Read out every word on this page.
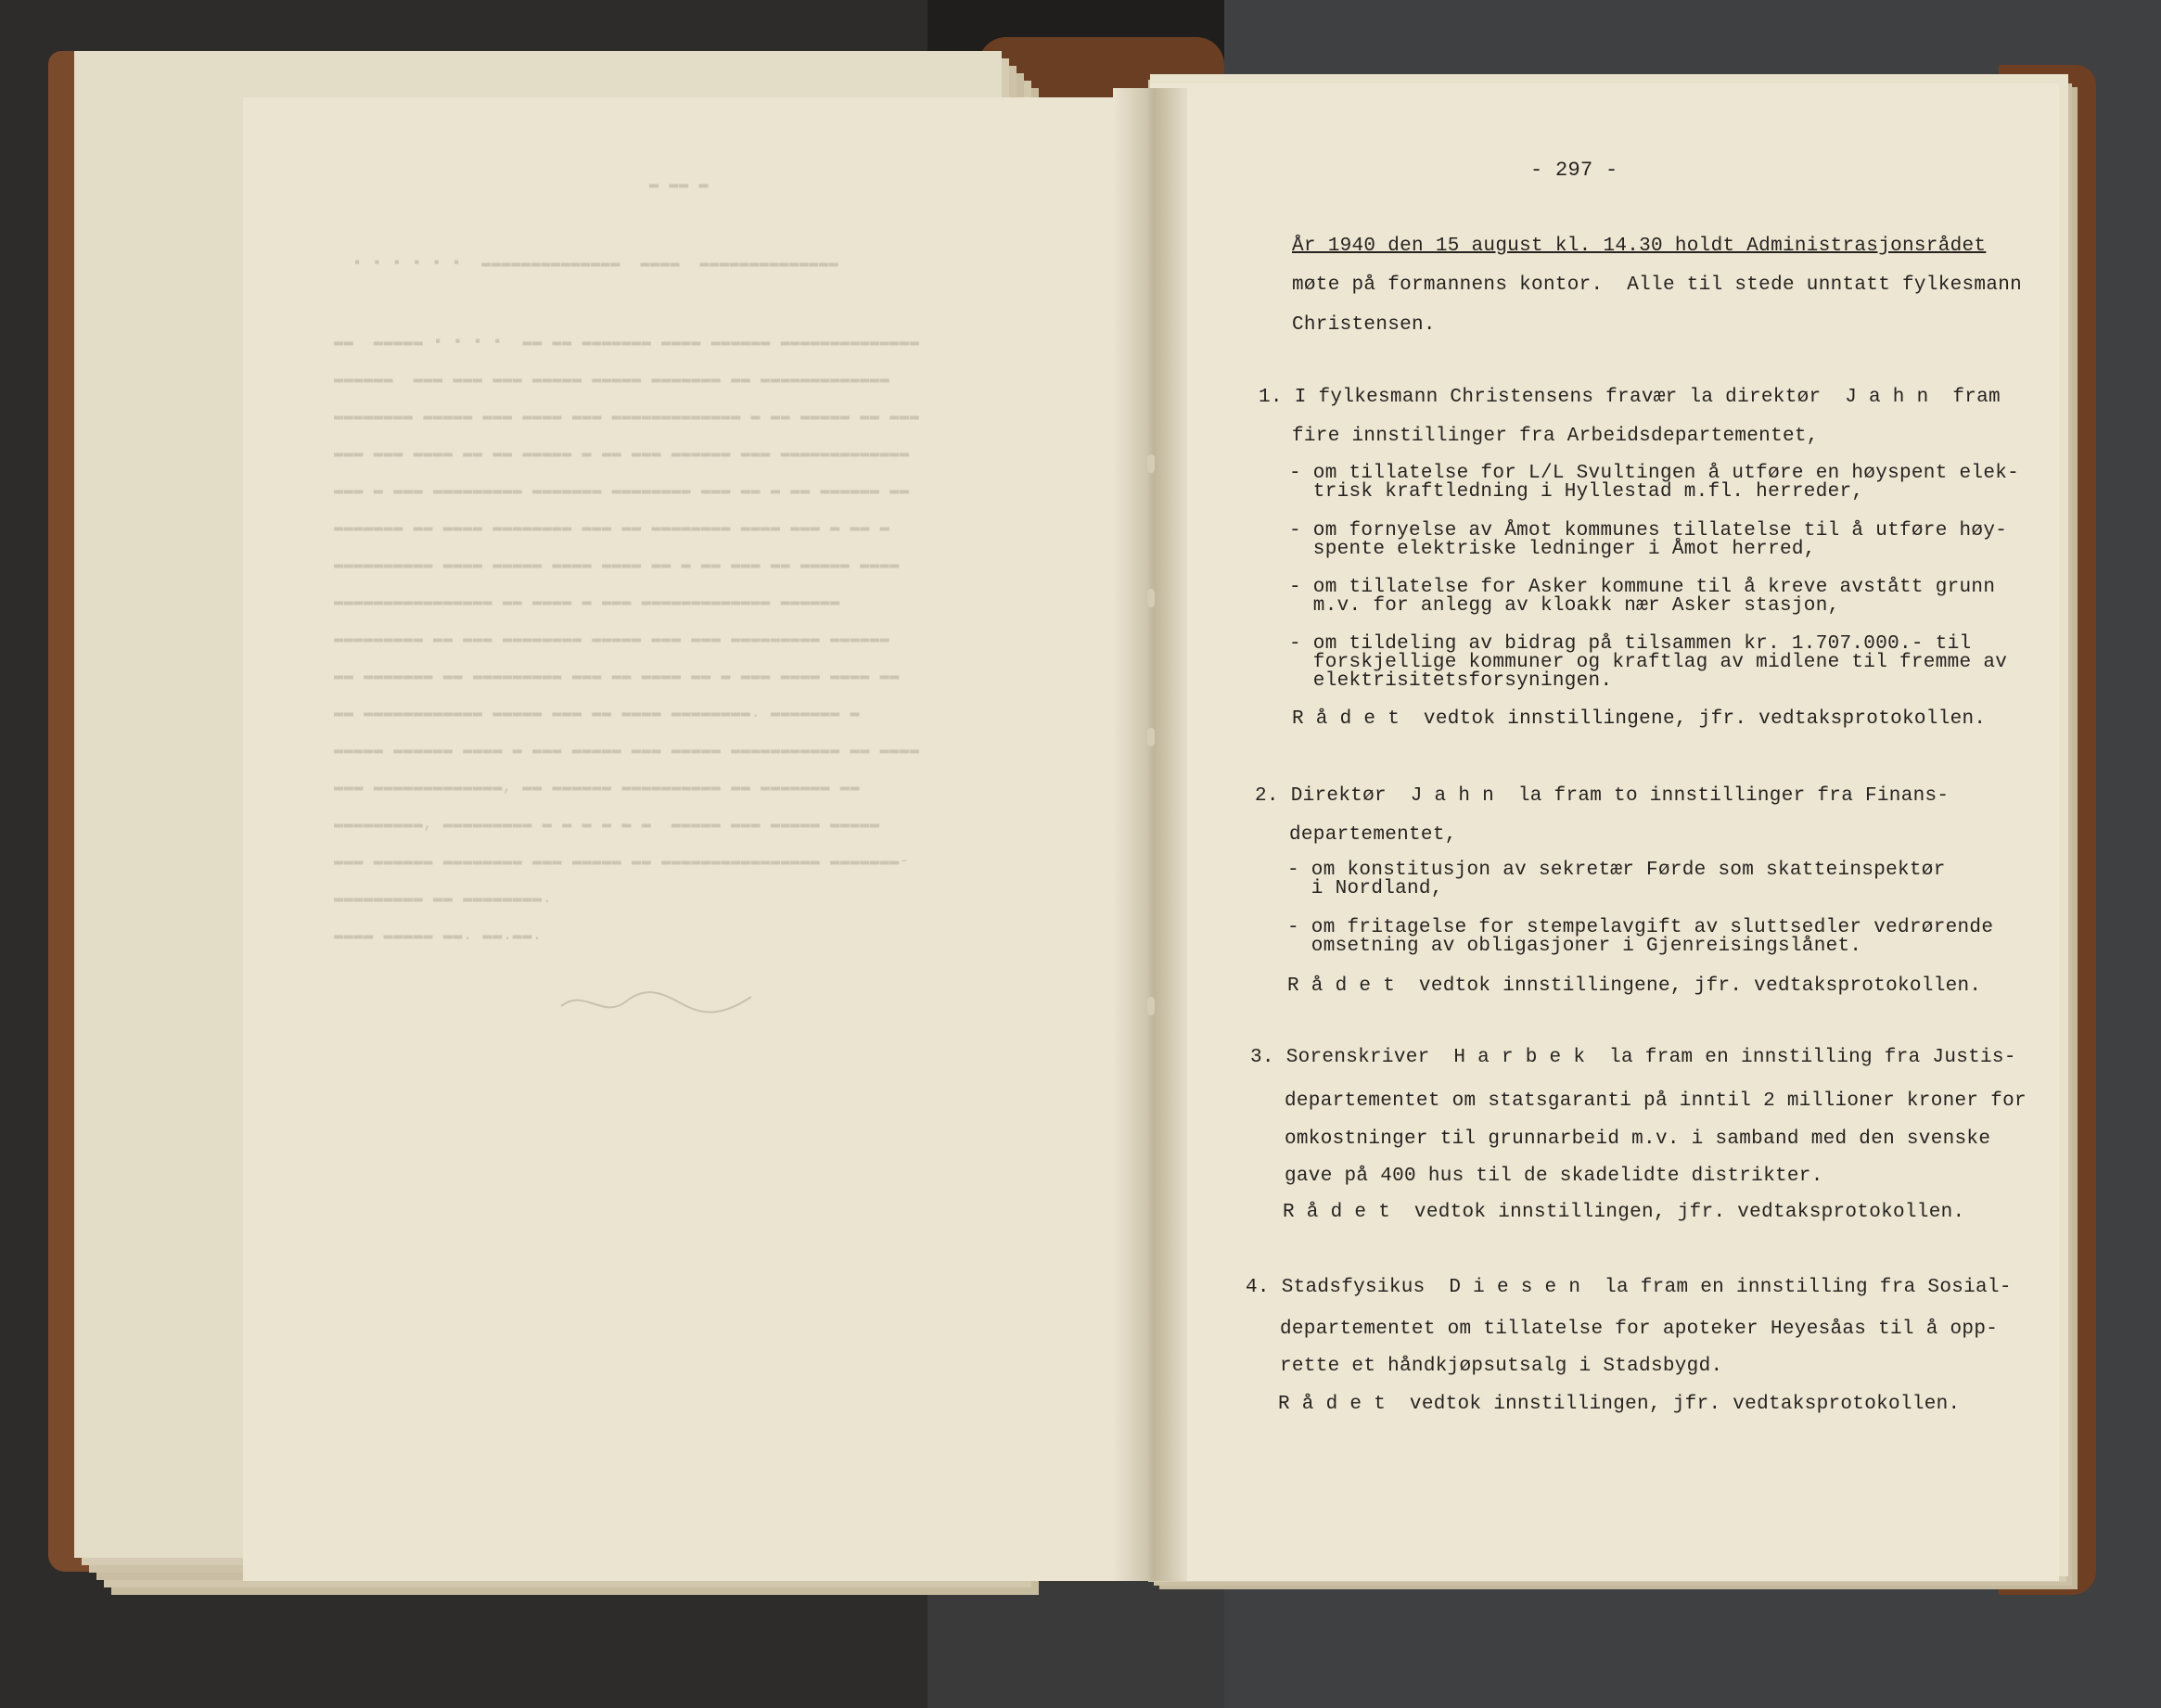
▬ ▬▬ ▬
▪ ▪ ▪ ▪ ▪ ▪  ▬▬▬▬▬▬▬▬▬▬▬▬▬▬  ▬▬▬▬  ▬▬▬▬▬▬▬▬▬▬▬▬▬▬
▬▬  ▬▬▬▬▬ ▪ ▪ ▪ ▪  ▬▬ ▬▬ ▬▬▬▬▬▬▬ ▬▬▬▬ ▬▬▬▬▬▬ ▬▬▬▬▬▬▬▬▬▬▬▬▬▬
▬▬▬▬▬▬  ▬▬▬ ▬▬▬ ▬▬▬ ▬▬▬▬▬ ▬▬▬▬▬ ▬▬▬▬▬▬▬ ▬▬ ▬▬▬▬▬▬▬▬▬▬▬▬▬
▬▬▬▬▬▬▬▬ ▬▬▬▬▬ ▬▬▬ ▬▬▬▬ ▬▬▬ ▬▬▬▬▬▬▬▬▬▬▬▬▬ ▬ ▬▬ ▬▬▬▬▬ ▬▬ ▬▬▬
▬▬▬ ▬▬▬ ▬▬▬▬ ▬▬ ▬▬ ▬▬▬▬▬ ▬ ▬▬ ▬▬▬ ▬▬▬▬▬▬ ▬▬▬ ▬▬▬▬▬▬▬▬▬▬▬▬▬
▬▬▬ ▬ ▬▬▬ ▬▬▬▬▬▬▬▬▬ ▬▬▬▬▬▬▬ ▬▬▬▬▬▬▬▬ ▬▬▬ ▬▬ ▬ ▬▬ ▬▬▬▬▬▬ ▬▬
▬▬▬▬▬▬▬ ▬▬ ▬▬▬▬ ▬▬▬▬▬▬▬▬ ▬▬▬ ▬▬ ▬▬▬▬▬▬▬▬ ▬▬▬▬ ▬▬▬ ▬ ▬▬ ▬
▬▬▬▬▬▬▬▬▬▬ ▬▬▬▬ ▬▬▬▬▬ ▬▬▬▬ ▬▬▬▬ ▬▬ ▬ ▬▬ ▬▬▬ ▬▬ ▬▬▬▬▬ ▬▬▬▬
▬▬▬▬▬▬▬▬▬▬▬▬▬▬▬▬ ▬▬ ▬▬▬▬ ▬ ▬▬▬ ▬▬▬▬▬▬▬▬▬▬▬▬▬ ▬▬▬▬▬▬
▬▬▬▬▬▬▬▬▬ ▬▬ ▬▬▬ ▬▬▬▬▬▬▬▬ ▬▬▬▬▬ ▬▬▬ ▬▬▬ ▬▬▬▬▬▬▬▬▬ ▬▬▬▬▬▬
▬▬ ▬▬▬▬▬▬▬ ▬▬ ▬▬▬▬▬▬▬▬▬ ▬▬▬ ▬▬ ▬▬▬▬ ▬▬ ▬ ▬▬▬ ▬▬▬▬ ▬▬▬▬ ▬▬
▬▬ ▬▬▬▬▬▬▬▬▬▬▬▬ ▬▬▬▬▬ ▬▬▬ ▬▬ ▬▬▬▬ ▬▬▬▬▬▬▬▬. ▬▬▬▬▬▬▬ ▬
▬▬▬▬▬ ▬▬▬▬▬▬ ▬▬▬▬ ▬ ▬▬▬ ▬▬▬▬▬ ▬▬▬ ▬▬▬▬▬ ▬▬▬▬▬▬▬▬▬▬▬ ▬▬ ▬▬▬▬
▬▬▬ ▬▬▬▬▬▬▬▬▬▬▬▬▬, ▬▬ ▬▬▬▬▬▬ ▬▬▬▬▬▬▬▬▬▬ ▬▬ ▬▬▬▬▬▬▬ ▬▬
▬▬▬▬▬▬▬▬▬, ▬▬▬▬▬▬▬▬▬ ▬ ▬ ▬ ▬ ▬ ▬  ▬▬▬▬▬ ▬▬▬ ▬▬▬▬▬ ▬▬▬▬▬
▬▬▬ ▬▬▬▬▬▬ ▬▬▬▬▬▬▬▬ ▬▬▬ ▬▬▬▬▬ ▬▬ ▬▬▬▬▬▬▬▬▬▬▬▬▬▬▬▬ ▬▬▬▬▬▬▬-
▬▬▬▬▬▬▬▬▬ ▬▬ ▬▬▬▬▬▬▬▬.
▬▬▬▬ ▬▬▬▬▬ ▬▬. ▬▬.▬▬.
- 297 -
År 1940 den 15 august kl. 14.30 holdt Administrasjonsrådet
møte på formannens kontor.  Alle til stede unntatt fylkesmann
Christensen.
1. I fylkesmann Christensens fravær la direktør  J a h n  fram
fire innstillinger fra Arbeidsdepartementet,
- om tillatelse for L/L Svultingen å utføre en høyspent elek-
trisk kraftledning i Hyllestad m.fl. herreder,
- om fornyelse av Åmot kommunes tillatelse til å utføre høy-
spente elektriske ledninger i Åmot herred,
- om tillatelse for Asker kommune til å kreve avstått grunn
m.v. for anlegg av kloakk nær Asker stasjon,
- om tildeling av bidrag på tilsammen kr. 1.707.000.- til
forskjellige kommuner og kraftlag av midlene til fremme av
elektrisitetsforsyningen.
R å d e t  vedtok innstillingene, jfr. vedtaksprotokollen.
2. Direktør  J a h n  la fram to innstillinger fra Finans-
departementet,
- om konstitusjon av sekretær Førde som skatteinspektør
i Nordland,
- om fritagelse for stempelavgift av sluttsedler vedrørende
omsetning av obligasjoner i Gjenreisingslånet.
R å d e t  vedtok innstillingene, jfr. vedtaksprotokollen.
3. Sorenskriver  H a r b e k  la fram en innstilling fra Justis-
departementet om statsgaranti på inntil 2 millioner kroner for
omkostninger til grunnarbeid m.v. i samband med den svenske
gave på 400 hus til de skadelidte distrikter.
R å d e t  vedtok innstillingen, jfr. vedtaksprotokollen.
4. Stadsfysikus  D i e s e n  la fram en innstilling fra Sosial-
departementet om tillatelse for apoteker Heyesåas til å opp-
rette et håndkjøpsutsalg i Stadsbygd.
R å d e t  vedtok innstillingen, jfr. vedtaksprotokollen.
